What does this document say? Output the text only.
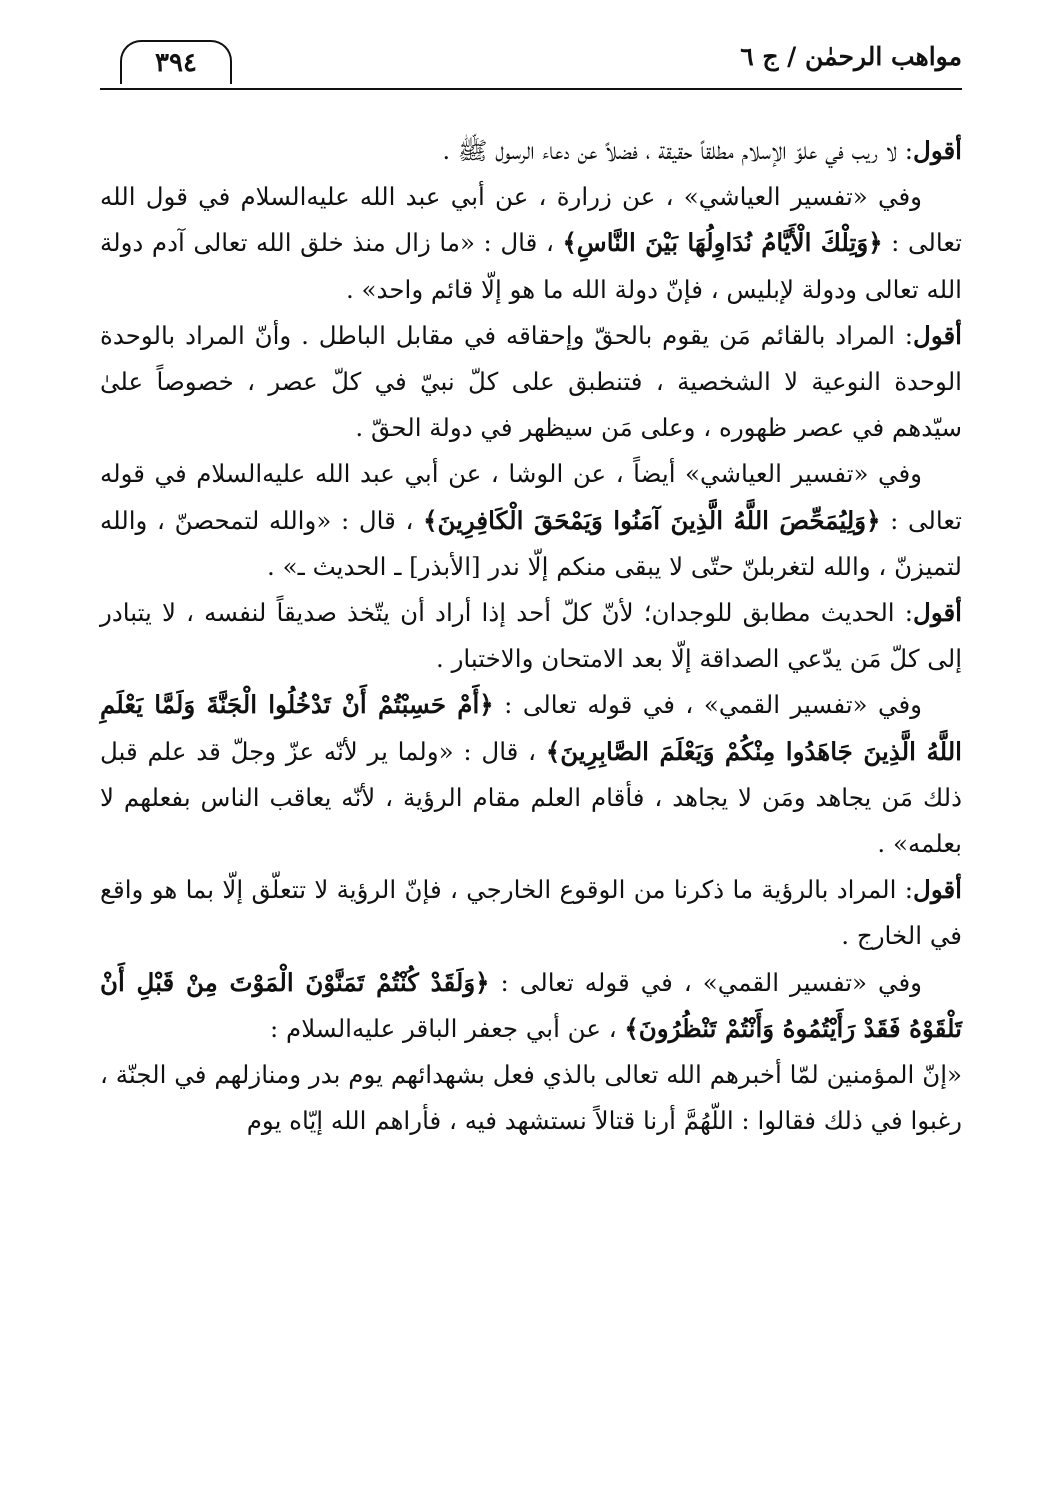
مواهب الرحمٰن / ج ٦
٣٩٤

أقول: لا ريب في علوّ الإسلام مطلقاً حقيقة ، فضلاً عن دعاء الرسول ﷺ .

وفي «تفسير العياشي» ، عن زرارة ، عن أبي عبد الله عليه‌السلام في قول الله تعالى : ﴿وَتِلْكَ الْأَيَّامُ نُدَاوِلُهَا بَيْنَ النَّاسِ﴾ ، قال : «ما زال منذ خلق الله تعالى آدم دولة الله تعالى ودولة لإبليس ، فإنّ دولة الله ما هو إلّا قائم واحد» .

أقول: المراد بالقائم مَن يقوم بالحقّ وإحقاقه في مقابل الباطل . وأنّ المراد بالوحدة الوحدة النوعية لا الشخصية ، فتنطبق على كلّ نبيّ في كلّ عصر ، خصوصاً علىٰ سيّدهم في عصر ظهوره ، وعلى مَن سيظهر في دولة الحقّ .

وفي «تفسير العياشي» أيضاً ، عن الوشا ، عن أبي عبد الله عليه‌السلام في قوله تعالى : ﴿وَلِيُمَحِّصَ اللَّهُ الَّذِينَ آمَنُوا وَيَمْحَقَ الْكَافِرِينَ﴾ ، قال : «والله لتمحصنّ ، والله لتميزنّ ، والله لتغربلنّ حتّى لا يبقى منكم إلّا ندر [الأبذر] ـ الحديث ـ» .

أقول: الحديث مطابق للوجدان؛ لأنّ كلّ أحد إذا أراد أن يتّخذ صديقاً لنفسه ، لا يتبادر إلى كلّ مَن يدّعي الصداقة إلّا بعد الامتحان والاختبار .

وفي «تفسير القمي» ، في قوله تعالى : ﴿أَمْ حَسِبْتُمْ أَنْ تَدْخُلُوا الْجَنَّةَ وَلَمَّا يَعْلَمِ اللَّهُ الَّذِينَ جَاهَدُوا مِنْكُمْ وَيَعْلَمَ الصَّابِرِينَ﴾ ، قال : «ولما ير لأنّه عزّ وجلّ قد علم قبل ذلك مَن يجاهد ومَن لا يجاهد ، فأقام العلم مقام الرؤية ، لأنّه يعاقب الناس بفعلهم لا بعلمه» .

أقول: المراد بالرؤية ما ذكرنا من الوقوع الخارجي ، فإنّ الرؤية لا تتعلّق إلّا بما هو واقع في الخارج .

وفي «تفسير القمي» ، في قوله تعالى : ﴿وَلَقَدْ كُنْتُمْ تَمَنَّوْنَ الْمَوْتَ مِنْ قَبْلِ أَنْ تَلْقَوْهُ فَقَدْ رَأَيْتُمُوهُ وَأَنْتُمْ تَنْظُرُونَ﴾ ، عن أبي جعفر الباقر عليه‌السلام :

«إنّ المؤمنين لمّا أخبرهم الله تعالى بالذي فعل بشهدائهم يوم بدر ومنازلهم في الجنّة ، رغبوا في ذلك فقالوا : اللّهُمَّ أرنا قتالاً نستشهد فيه ، فأراهم الله إيّاه يوم
